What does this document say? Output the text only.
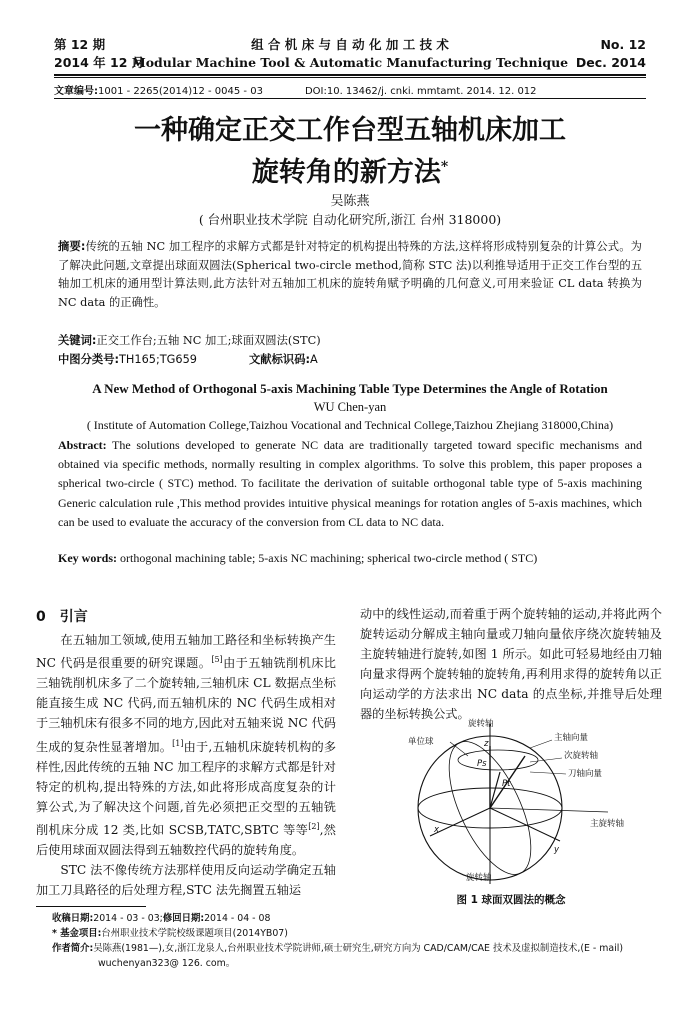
第 12 期
2014 年 12 月
组 合 机 床 与 自 动 化 加 工 技 术
Modular Machine Tool & Automatic Manufacturing Technique
No. 12
Dec. 2014
文章编号:1001 - 2265(2014)12 - 0045 - 03	DOI:10. 13462/j. cnki. mmtamt. 2014. 12. 012
一种确定正交工作台型五轴机床加工
旋转角的新方法*
吴陈燕
( 台州职业技术学院 自动化研究所,浙江 台州 318000)
摘要:传统的五轴 NC 加工程序的求解方式都是针对特定的机构提出特殊的方法,这样将形成特别复杂的计算公式。为了解决此问题,文章提出球面双圆法(Spherical two-circle method,简称 STC 法)以利推导适用于正交工作台型的五轴加工机床的通用型计算法则,此方法针对五轴加工机床的旋转角赋予明确的几何意义,可用来验证 CL data 转换为 NC data 的正确性。
关键词:正交工作台;五轴 NC 加工;球面双圆法(STC)
中图分类号:TH165;TG659	文献标识码:A
A New Method of Orthogonal 5-axis Machining Table Type Determines the Angle of Rotation
WU Chen-yan
( Institute of Automation College,Taizhou Vocational and Technical College,Taizhou Zhejiang 318000,China)
Abstract: The solutions developed to generate NC data are traditionally targeted toward specific mechanisms and obtained via specific methods, normally resulting in complex algorithms. To solve this problem, this paper proposes a spherical two-circle ( STC) method. To facilitate the derivation of suitable orthogonal table type of 5-axis machining Generic calculation rule ,This method provides intuitive physical meanings for rotation angles of 5-axis machines, which can be used to evaluate the accuracy of the conversion from CL data to NC data.
Key words: orthogonal machining table; 5-axis NC machining; spherical two-circle method ( STC)
0 引言

在五轴加工领域,使用五轴加工路径和坐标转换产生 NC 代码是很重要的研究课题。[5]由于五轴铣削机床比三轴铣削机床多了二个旋转轴,三轴机床 CL 数据点坐标能直接生成 NC 代码,而五轴机床的 NC 代码生成相对于三轴机床有很多不同的地方,因此对五轴来说 NC 代码生成的复杂性显著增加。[1]由于,五轴机床旋转机构的多样性,因此传统的五轴 NC 加工程序的求解方式都是针对特定的机构,提出特殊的方法,如此将形成高度复杂的计算公式,为了解决这个问题,首先必须把正交型的五轴铣削机床分成 12 类,比如 SCSB,TATC,SBTC 等等[2],然后使用球面双圆法得到五轴数控代码的旋转角度。

STC 法不像传统方法那样使用反向运动学确定五轴加工刀具路径的后处理方程,STC 法先搁置五轴运

动中的线性运动,而着重于两个旋转轴的运动,并将此两个旋转运动分解成主轴向量或刀轴向量依序绕次旋转轴及主旋转轴进行旋转,如图 1 所示。如此可轻易地经由刀轴向量求得两个旋转轴的旋转角,再利用求得的旋转角以正向运动学的方法求出 NC data 的点坐标,并推导后处理器的坐标转换公式。

旋转轴
单位球	主轴向量
次旋转轴
刀轴向量
主旋转轴
旋转轴
z
x
y
Ps
Pt
图 1 球面双圆法的概念
收稿日期:2014 - 03 - 03;修回日期:2014 - 04 - 08
* 基金项目:台州职业技术学院校级课题项目(2014YB07)
作者简介:吴陈燕(1981—),女,浙江龙泉人,台州职业技术学院讲师,硕士研究生,研究方向为 CAD/CAM/CAE 技术及虚拟制造技术,(E - mail)
wuchenyan323@ 126. com。
